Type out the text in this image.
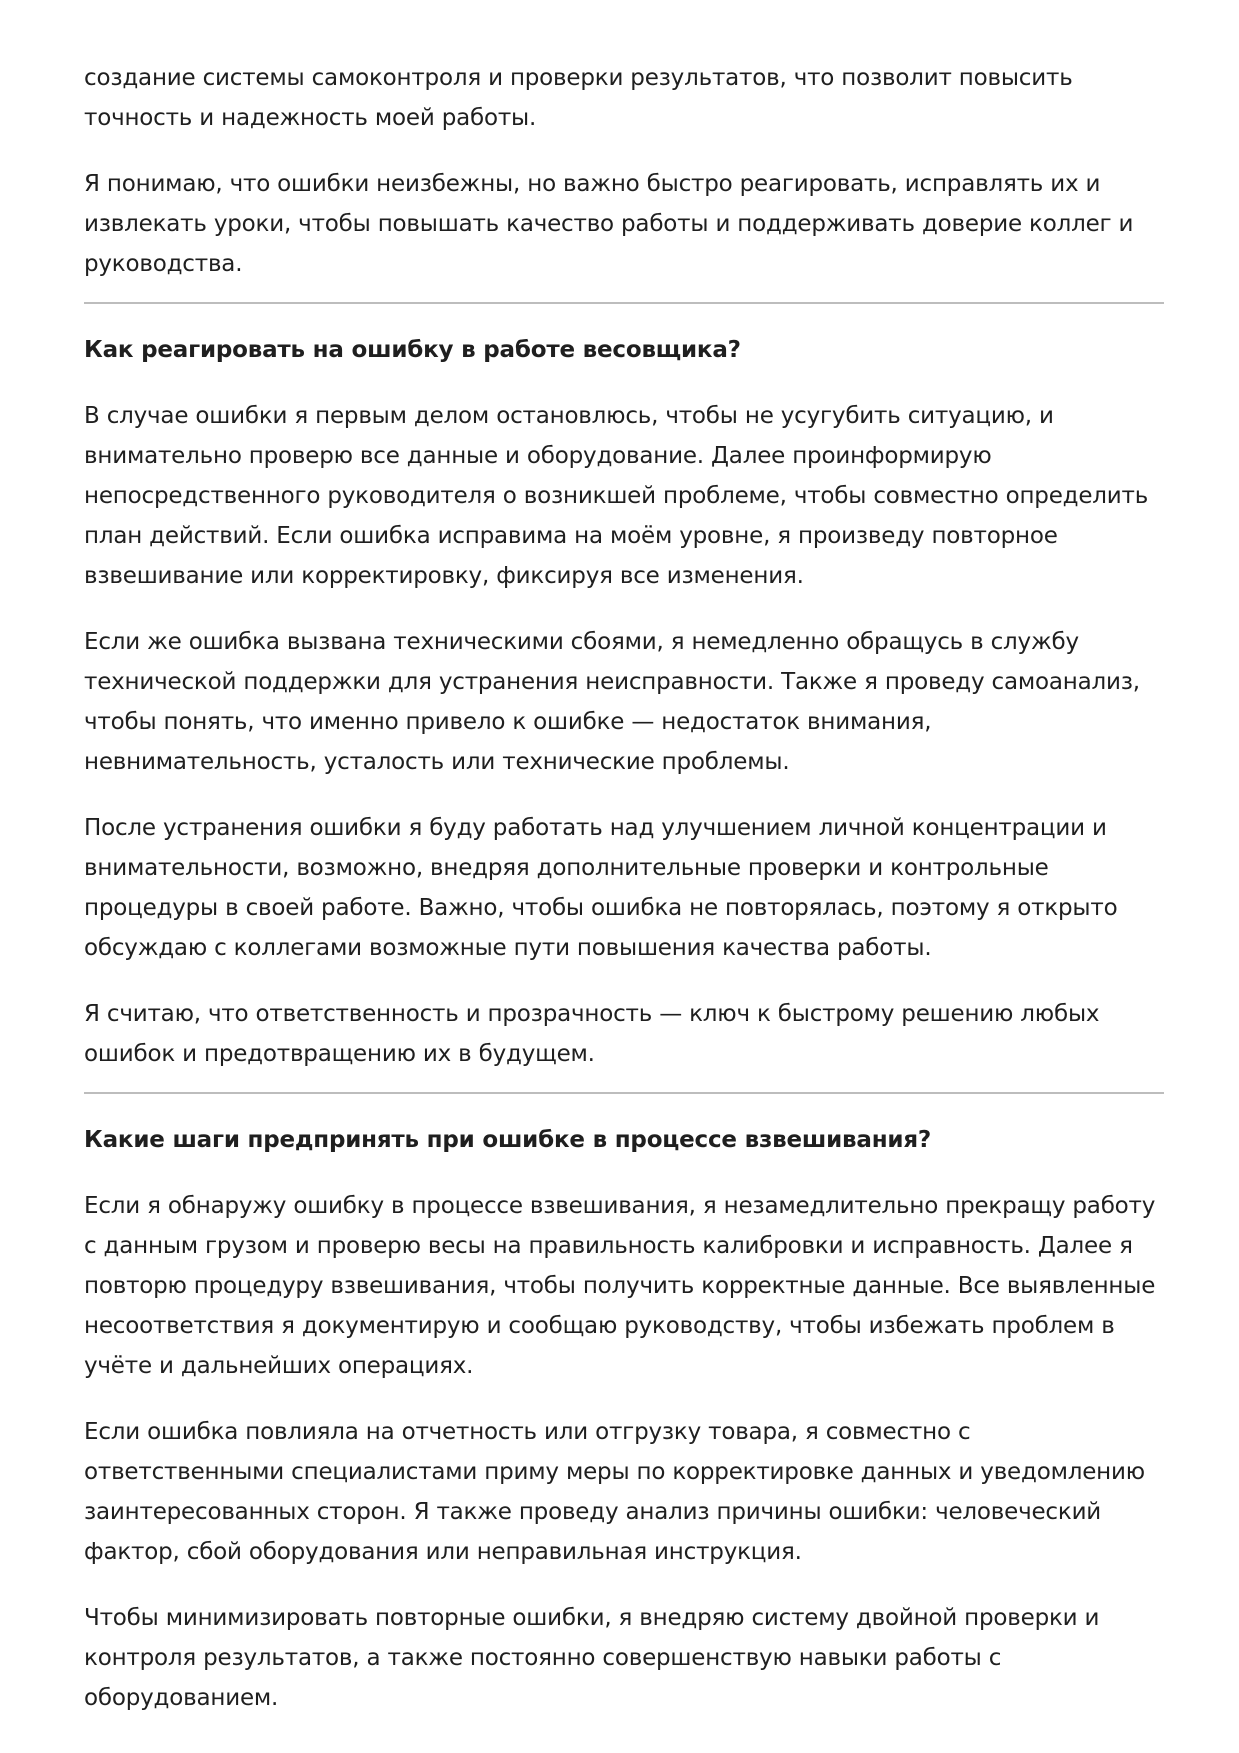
создание системы самоконтроля и проверки результатов, что позволит повысить точность и надежность моей работы.

Я понимаю, что ошибки неизбежны, но важно быстро реагировать, исправлять их и извлекать уроки, чтобы повышать качество работы и поддерживать доверие коллег и руководства.

Как реагировать на ошибку в работе весовщика?

В случае ошибки я первым делом остановлюсь, чтобы не усугубить ситуацию, и внимательно проверю все данные и оборудование. Далее проинформирую непосредственного руководителя о возникшей проблеме, чтобы совместно определить план действий. Если ошибка исправима на моём уровне, я произведу повторное взвешивание или корректировку, фиксируя все изменения.

Если же ошибка вызвана техническими сбоями, я немедленно обращусь в службу технической поддержки для устранения неисправности. Также я проведу самоанализ, чтобы понять, что именно привело к ошибке — недостаток внимания, невнимательность, усталость или технические проблемы.

После устранения ошибки я буду работать над улучшением личной концентрации и внимательности, возможно, внедряя дополнительные проверки и контрольные процедуры в своей работе. Важно, чтобы ошибка не повторялась, поэтому я открыто обсуждаю с коллегами возможные пути повышения качества работы.

Я считаю, что ответственность и прозрачность — ключ к быстрому решению любых ошибок и предотвращению их в будущем.

Какие шаги предпринять при ошибке в процессе взвешивания?

Если я обнаружу ошибку в процессе взвешивания, я незамедлительно прекращу работу с данным грузом и проверю весы на правильность калибровки и исправность. Далее я повторю процедуру взвешивания, чтобы получить корректные данные. Все выявленные несоответствия я документирую и сообщаю руководству, чтобы избежать проблем в учёте и дальнейших операциях.

Если ошибка повлияла на отчетность или отгрузку товара, я совместно с ответственными специалистами приму меры по корректировке данных и уведомлению заинтересованных сторон. Я также проведу анализ причины ошибки: человеческий фактор, сбой оборудования или неправильная инструкция.

Чтобы минимизировать повторные ошибки, я внедряю систему двойной проверки и контроля результатов, а также постоянно совершенствую навыки работы с оборудованием.
